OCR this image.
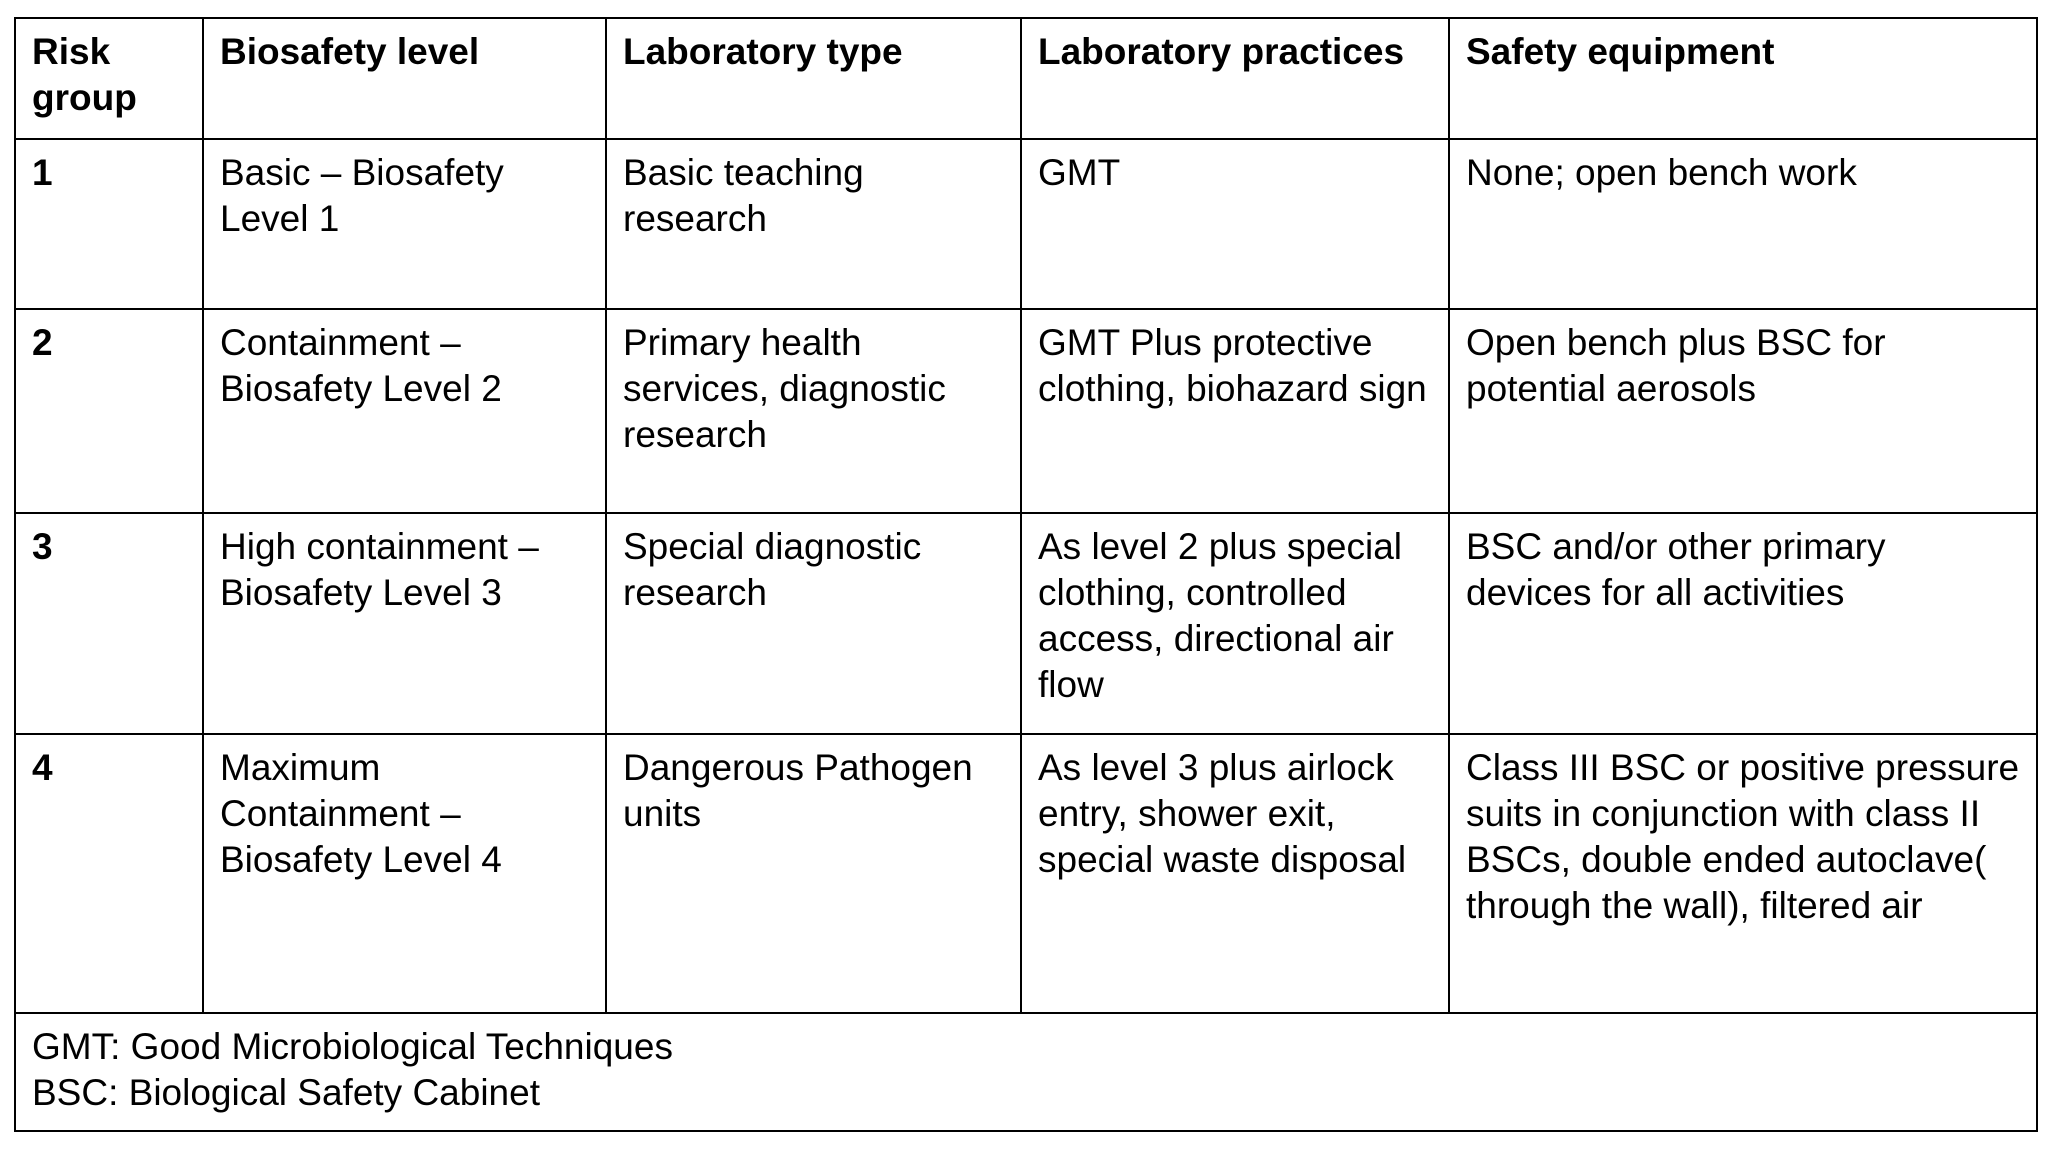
Risk group	Biosafety level	Laboratory type	Laboratory practices	Safety equipment
1	Basic – Biosafety Level 1	Basic teaching research	GMT	None; open bench work
2	Containment – Biosafety Level 2	Primary health services, diagnostic research	GMT Plus protective clothing, biohazard sign	Open bench plus BSC for potential aerosols
3	High containment – Biosafety Level 3	Special diagnostic research	As level 2 plus special clothing, controlled access, directional air flow	BSC and/or other primary devices for all activities
4	Maximum Containment – Biosafety Level 4	Dangerous Pathogen units	As level 3 plus airlock entry, shower exit, special waste disposal	Class III BSC or positive pressure suits in conjunction with class II BSCs, double ended autoclave( through the wall), filtered air

GMT: Good Microbiological Techniques
BSC: Biological Safety Cabinet				
